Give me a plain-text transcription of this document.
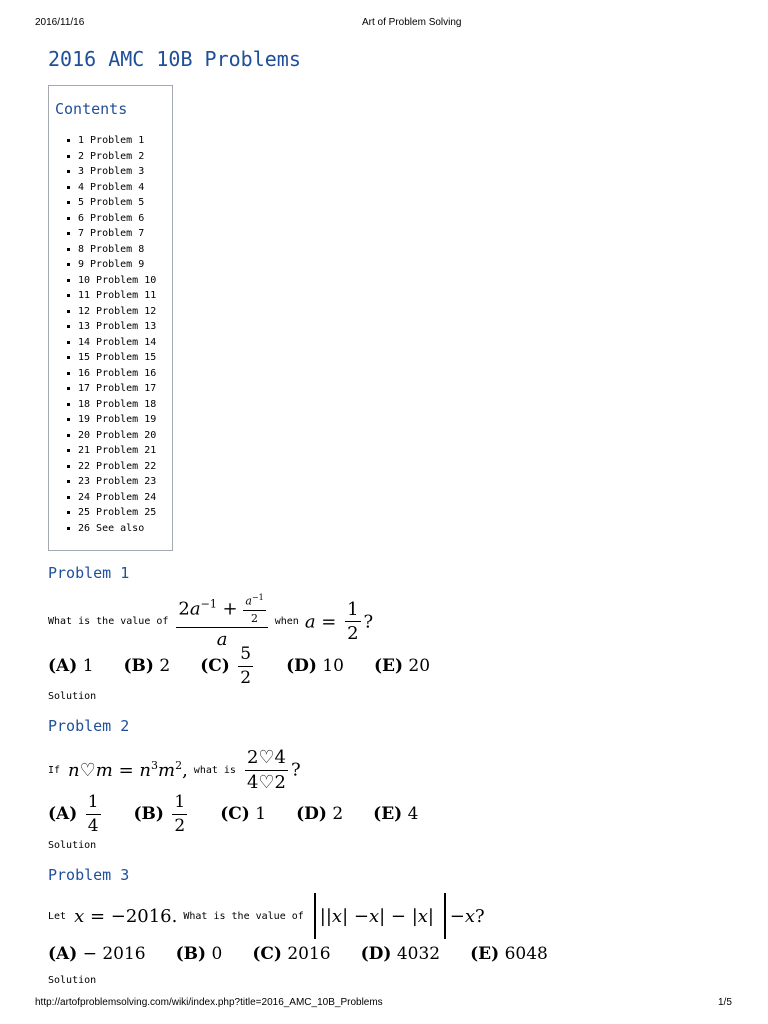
2016/11/16	Art of Problem Solving
2016 AMC 10B Problems
Contents
1 Problem 1
2 Problem 2
3 Problem 3
4 Problem 4
5 Problem 5
6 Problem 6
7 Problem 7
8 Problem 8
9 Problem 9
10 Problem 10
11 Problem 11
12 Problem 12
13 Problem 13
14 Problem 14
15 Problem 15
16 Problem 16
17 Problem 17
18 Problem 18
19 Problem 19
20 Problem 20
21 Problem 21
22 Problem 22
23 Problem 23
24 Problem 24
25 Problem 25
26 See also
Problem 1
What is the value of $\frac{2a^{-1} + \frac{a^{-1}}{2}}{a}$ when $a = \frac{1}{2}$ ?
(A)
1 (B)
2 (C)
$\frac{5}{2} (D)$
10 (E)
20
Solution
Problem 2
If n♡m = $n^3m^2$, what is $\frac{2♡4}{4♡2}$ ?
(A)
$\frac{1}{4} (B)$
$\frac{1}{2} (C)$
1 (D)
2 (E)
4
Solution
Problem 3
Let x = −2016. What is the value of || x | − x | − | x |
− x ?
(A)
− 2016 (B)
0 (C)
2016 (D)
4032 (E)
6048
Solution
http://artofproblemsolving.com/wiki/index.php?title=2016_AMC_10B_Problems	1/5
